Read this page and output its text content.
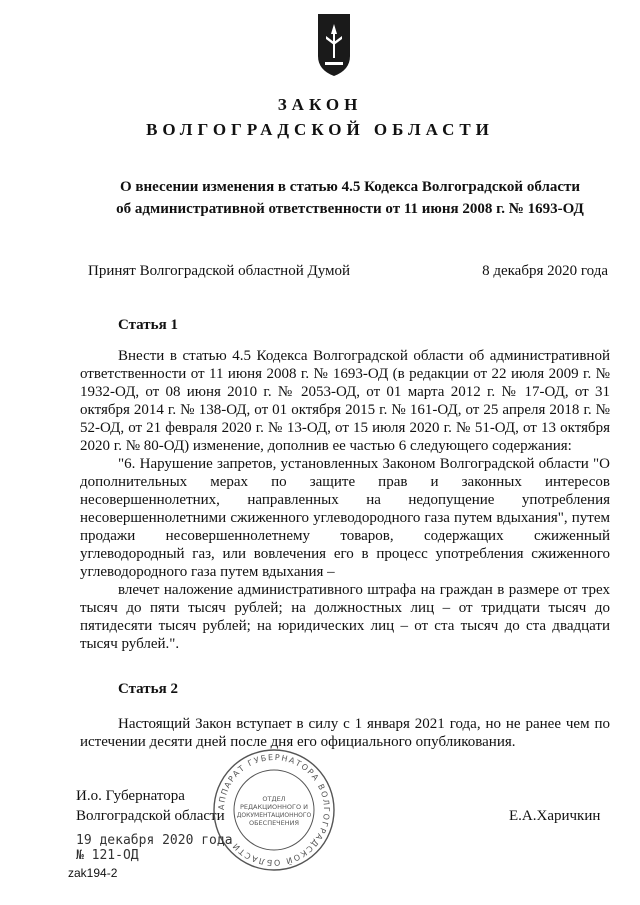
ЗАКОН
ВОЛГОГРАДСКОЙ ОБЛАСТИ
О внесении изменения в статью 4.5 Кодекса Волгоградской области
об административной ответственности от 11 июня 2008 г. № 1693-ОД
Принят Волгоградской областной Думой	8 декабря 2020 года
Статья 1

Внести в статью 4.5 Кодекса Волгоградской области об административной ответственности от 11 июня 2008 г. № 1693-ОД (в редакции от 22 июля 2009 г. № 1932-ОД, от 08 июня 2010 г. № 2053-ОД, от 01 марта 2012 г. № 17-ОД, от 31 октября 2014 г. № 138-ОД, от 01 октября 2015 г. № 161-ОД, от 25 апреля 2018 г. № 52-ОД, от 21 февраля 2020 г. № 13-ОД, от 15 июля 2020 г. № 51-ОД, от 13 октября 2020 г. № 80-ОД) изменение, дополнив ее частью 6 следующего содержания:

"6. Нарушение запретов, установленных Законом Волгоградской области "О дополнительных мерах по защите прав и законных интересов несовершеннолетних, направленных на недопущение употребления несовершеннолетними сжиженного углеводородного газа путем вдыхания", путем продажи несовершеннолетнему товаров, содержащих сжиженный углеводородный газ, или вовлечения его в процесс употребления сжиженного углеводородного газа путем вдыхания –

влечет наложение административного штрафа на граждан в размере от трех тысяч до пяти тысяч рублей; на должностных лиц – от тридцати тысяч до пятидесяти тысяч рублей; на юридических лиц – от ста тысяч до ста двадцати тысяч рублей.".

Статья 2

Настоящий Закон вступает в силу с 1 января 2021 года, но не ранее чем по истечении десяти дней после дня его официального опубликования.

И.о. Губернатора
Волгоградской области	Е.А.Харичкин
АППАРАТ ГУБЕРНАТОРА ВОЛГОГРАДСКОЙ ОБЛАСТИ
ОТДЕЛ
РЕДАКЦИОННОГО И
ДОКУМЕНТАЦИОННОГО
ОБЕСПЕЧЕНИЯ
19 декабря 2020 года
№ 121-ОД
zak194-2
